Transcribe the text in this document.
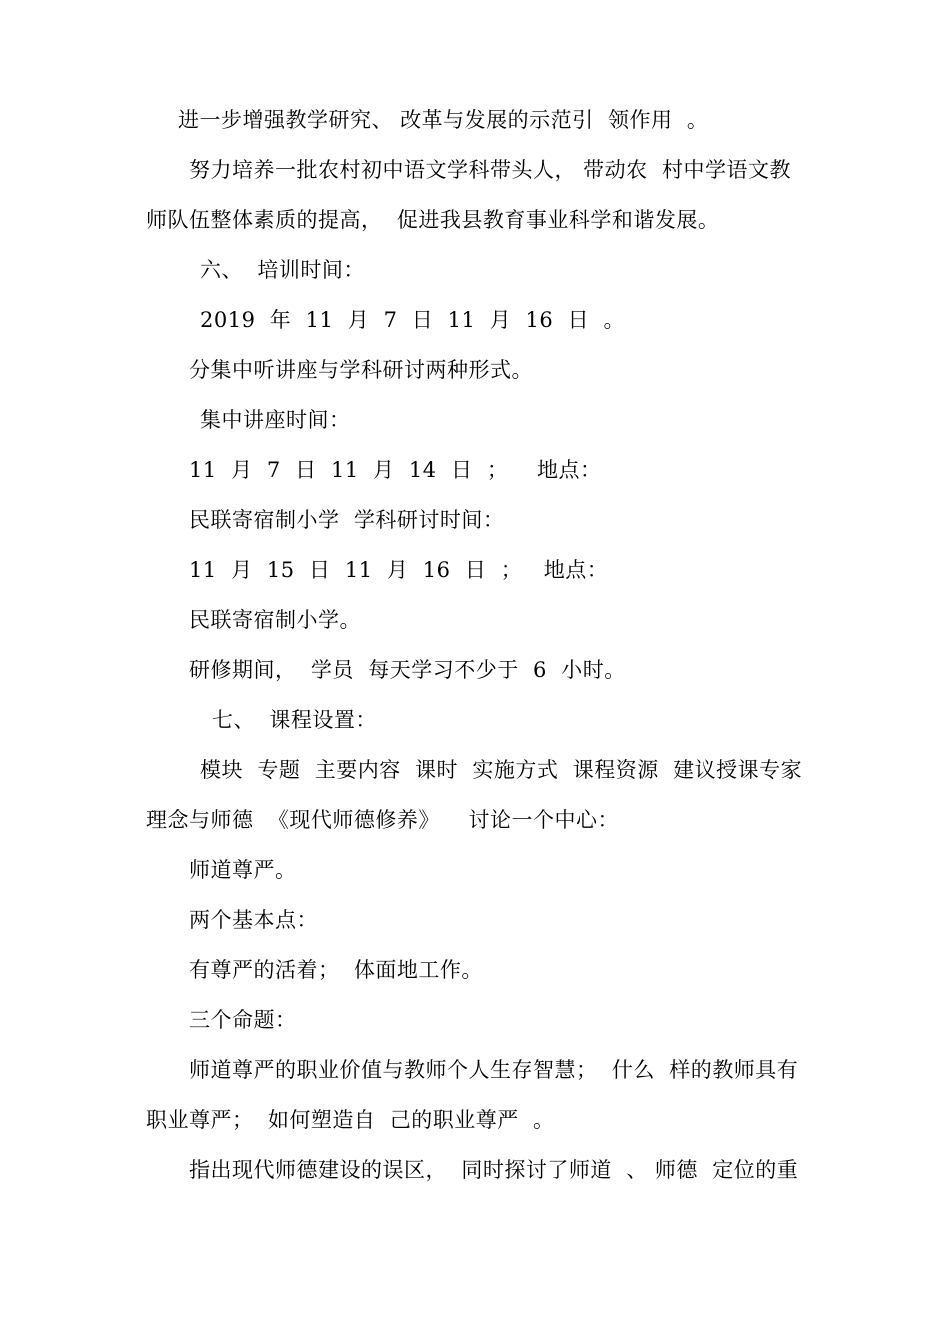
进一步增强教学研究、 改革与发展的示范引  领作用  。
努力培养一批农村初中语文学科带头人， 带动农  村中学语文教
师队伍整体素质的提高，  促进我县教育事业科学和谐发展。
六、  培训时间：
2019  年  11  月  7  日  11  月  16  日  。
分集中听讲座与学科研讨两种形式。
集中讲座时间：
11  月  7  日  11  月  14  日  ；    地点：
民联寄宿制小学  学科研讨时间：
11  月  15  日  11  月  16  日  ；   地点：
民联寄宿制小学。
研修期间，  学员  每天学习不少于  6  小时。
七、  课程设置：
模块  专题  主要内容  课时  实施方式  课程资源  建议授课专家
理念与师德  《现代师德修养》    讨论一个中心：
师道尊严。
两个基本点：
有尊严的活着；  体面地工作。
三个命题：
师道尊严的职业价值与教师个人生存智慧；  什么  样的教师具有
职业尊严；  如何塑造自  己的职业尊严  。
指出现代师德建设的误区，  同时探讨了师道  、 师德  定位的重
